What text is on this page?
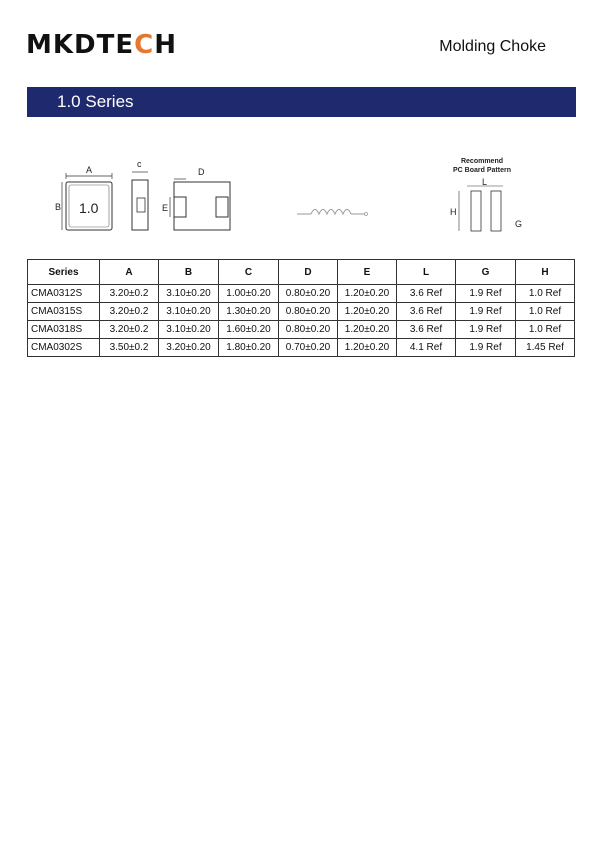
MKDTECH	Molding Choke
1.0 Series
A
B 1.0
c
D
E
Recommend
PC Board Pattern
L
H
G
Series	A	B	C	D	E	L	G	H
CMA0312S	3.20±0.2	3.10±0.20	1.00±0.20	0.80±0.20	1.20±0.20	3.6 Ref	1.9 Ref	1.0 Ref
CMA0315S	3.20±0.2	3.10±0.20	1.30±0.20	0.80±0.20	1.20±0.20	3.6 Ref	1.9 Ref	1.0 Ref
CMA0318S	3.20±0.2	3.10±0.20	1.60±0.20	0.80±0.20	1.20±0.20	3.6 Ref	1.9 Ref	1.0 Ref
CMA0302S	3.50±0.2	3.20±0.20	1.80±0.20	0.70±0.20	1.20±0.20	4.1 Ref	1.9 Ref	1.45 Ref
